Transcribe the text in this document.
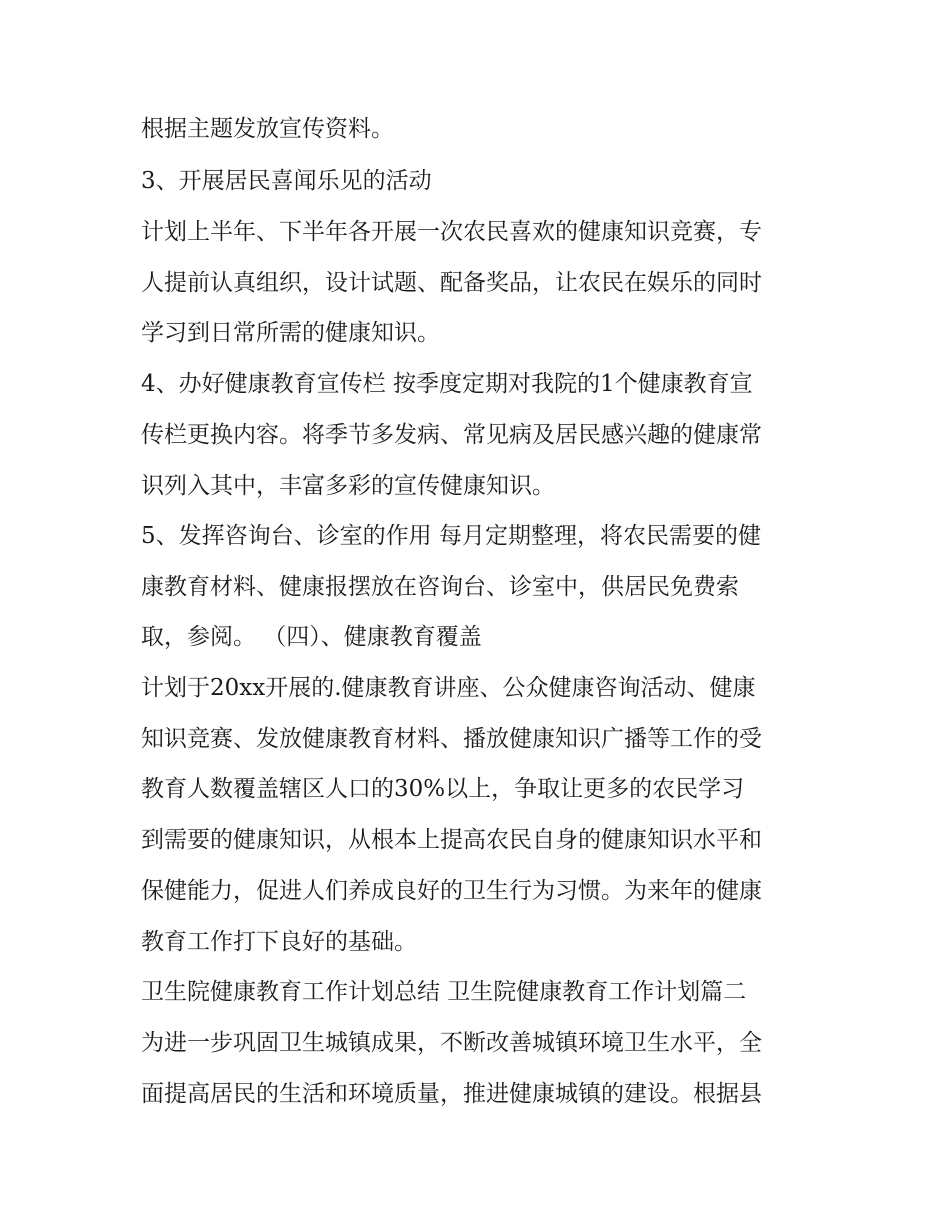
根据主题发放宣传资料。
3、开展居民喜闻乐见的活动
计划上半年、下半年各开展一次农民喜欢的健康知识竞赛，专
人提前认真组织，设计试题、配备奖品，让农民在娱乐的同时
学习到日常所需的健康知识。
4、办好健康教育宣传栏 按季度定期对我院的1个健康教育宣
传栏更换内容。将季节多发病、常见病及居民感兴趣的健康常
识列入其中，丰富多彩的宣传健康知识。
5、发挥咨询台、诊室的作用 每月定期整理，将农民需要的健
康教育材料、健康报摆放在咨询台、诊室中，供居民免费索
取，参阅。 （四）、健康教育覆盖
计划于20xx开展的.健康教育讲座、公众健康咨询活动、健康
知识竞赛、发放健康教育材料、播放健康知识广播等工作的受
教育人数覆盖辖区人口的30%以上，争取让更多的农民学习
到需要的健康知识，从根本上提高农民自身的健康知识水平和
保健能力，促进人们养成良好的卫生行为习惯。为来年的健康
教育工作打下良好的基础。
卫生院健康教育工作计划总结 卫生院健康教育工作计划篇二
为进一步巩固卫生城镇成果，不断改善城镇环境卫生水平，全
面提高居民的生活和环境质量，推进健康城镇的建设。根据县
